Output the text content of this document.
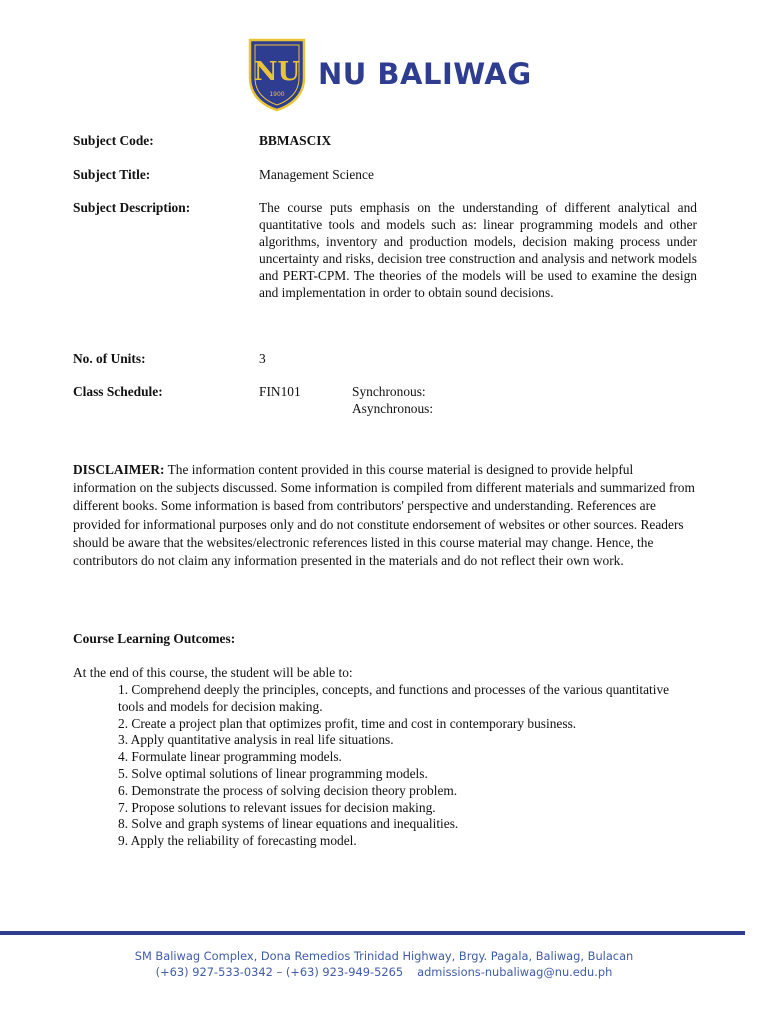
NU
1900
NU BALIWAG
Subject Code:	BBMASCIX
Subject Title:	Management Science
Subject Description:	The course puts emphasis on the understanding of different analytical and quantitative tools and models such as: linear programming models and other algorithms, inventory and production models, decision making process under uncertainty and risks, decision tree construction and analysis and network models and PERT-CPM. The theories of the models will be used to examine the design and implementation in order to obtain sound decisions.
No. of Units:	3
Class Schedule:	FIN101	Synchronous:
Asynchronous:
DISCLAIMER: The information content provided in this course material is designed to provide helpful information on the subjects discussed. Some information is compiled from different materials and summarized from different books. Some information is based from contributors' perspective and understanding. References are provided for informational purposes only and do not constitute endorsement of websites or other sources. Readers should be aware that the websites/electronic references listed in this course material may change. Hence, the contributors do not claim any information presented in the materials and do not reflect their own work.
Course Learning Outcomes:
At the end of this course, the student will be able to:
1. Comprehend deeply the principles, concepts, and functions and processes of the various quantitative tools and models for decision making.
2. Create a project plan that optimizes profit, time and cost in contemporary business.
3. Apply quantitative analysis in real life situations.
4. Formulate linear programming models.
5. Solve optimal solutions of linear programming models.
6. Demonstrate the process of solving decision theory problem.
7. Propose solutions to relevant issues for decision making.
8. Solve and graph systems of linear equations and inequalities.
9. Apply the reliability of forecasting model.
SM Baliwag Complex, Dona Remedios Trinidad Highway, Brgy. Pagala, Baliwag, Bulacan
(+63) 927-533-0342 – (+63) 923-949-5265 admissions-nubaliwag@nu.edu.ph
